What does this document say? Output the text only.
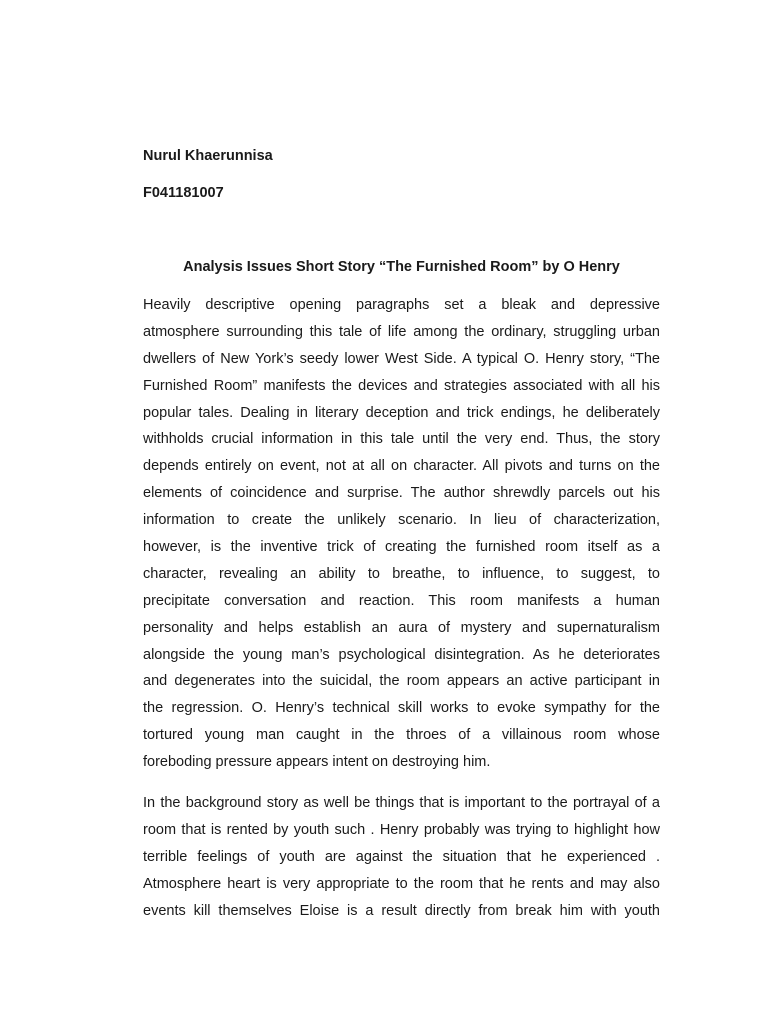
Nurul Khaerunnisa

F041181007

Analysis Issues Short Story “The Furnished Room” by O Henry

Heavily descriptive opening paragraphs set a bleak and depressive
atmosphere surrounding this tale of life among the ordinary, struggling urban
dwellers of New York’s seedy lower West Side. A typical O. Henry story, “The
Furnished Room” manifests the devices and strategies associated with all his
popular tales. Dealing in literary deception and trick endings, he deliberately
withholds crucial information in this tale until the very end. Thus, the story
depends entirely on event, not at all on character. All pivots and turns on the
elements of coincidence and surprise. The author shrewdly parcels out his
information to create the unlikely scenario. In lieu of characterization,
however, is the inventive trick of creating the furnished room itself as a
character, revealing an ability to breathe, to influence, to suggest, to
precipitate conversation and reaction. This room manifests a human
personality and helps establish an aura of mystery and supernaturalism
alongside the young man’s psychological disintegration. As he deteriorates
and degenerates into the suicidal, the room appears an active participant in
the regression. O. Henry’s technical skill works to evoke sympathy for the
tortured young man caught in the throes of a villainous room whose
foreboding pressure appears intent on destroying him.

In the background story as well be things that is important to the portrayal of a
room that is rented by youth such . Henry probably was trying to highlight how
terrible feelings of youth are against the situation that he experienced .
Atmosphere heart is very appropriate to the room that he rents and may also
events kill themselves Eloise is a result directly from break him with youth
